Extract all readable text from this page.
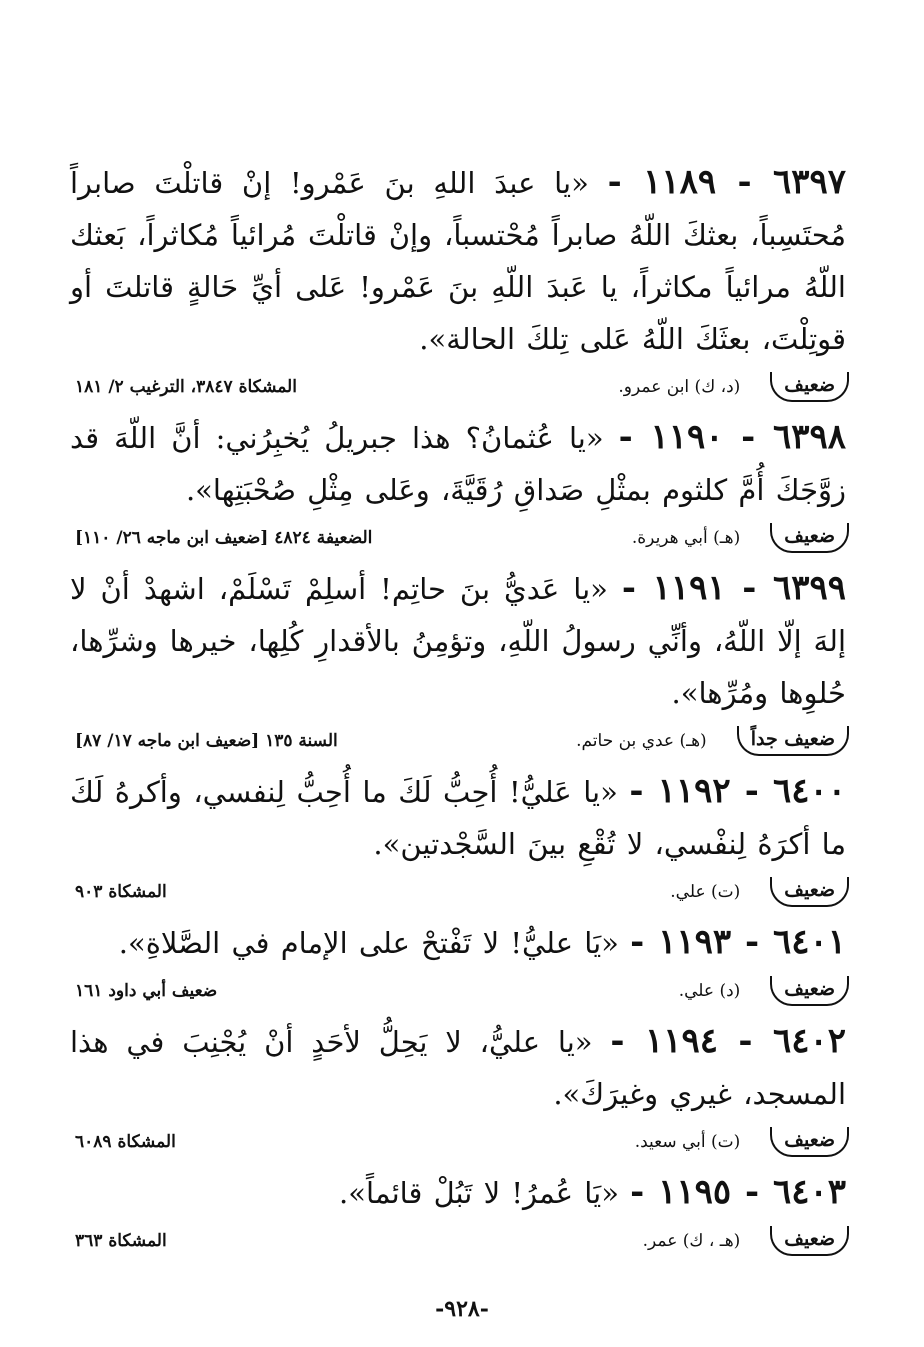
٦٣٩٧ - ١١٨٩ - «يا عبدَ اللهِ بنَ عَمْرو! إنْ قاتلْتَ صابراً مُحتَسِباً، بعثكَ اللّهُ صابراً مُحْتسباً، وإنْ قاتلْتَ مُرائياً مُكاثراً، بَعثك اللّهُ مرائياً مكاثراً، يا عَبدَ اللّهِ بنَ عَمْرو! عَلى أيِّ حَالةٍ قاتلتَ أو قوتِلْتَ، بعثَكَ اللّهُ عَلى تِلكَ الحالة».

ضعيف
(د، ك) ابن عمرو.
المشكاة ٣٨٤٧، الترغيب ٢/ ١٨١

٦٣٩٨ - ١١٩٠ - «يا عُثمانُ؟ هذا جبريلُ يُخبِرُني: أنَّ اللّهَ قد زوَّجَكَ أُمَّ كلثوم بمثْلِ صَداقِ رُقَيَّةَ، وعَلى مِثْلِ صُحْبَتِها».

ضعيف
(هـ) أبي هريرة.
الضعيفة ٤٨٢٤ [ضعيف ابن ماجه ٢٦/ ١١٠]

٦٣٩٩ - ١١٩١ - «يا عَديُّ بنَ حاتِم! أسلِمْ تَسْلَمْ، اشهدْ أنْ لا إلهَ إلّا اللّهُ، وأنِّي رسولُ اللّهِ، وتؤمِنُ بالأقدارِ كُلِها، خيرها وشرِّها، حُلوِها ومُرِّها».

ضعيف جداً
(هـ) عدي بن حاتم.
السنة ١٣٥ [ضعيف ابن ماجه ١٧/ ٨٧]

٦٤٠٠ - ١١٩٢ - «يا عَليُّ! أُحِبُّ لَكَ ما أُحِبُّ لِنفسي، وأكرهُ لَكَ ما أكرَهُ لِنفْسي، لا تُقْعِ بينَ السَّجْدتين».

ضعيف
(ت) علي.
المشكاة ٩٠٣

٦٤٠١ - ١١٩٣ - «يَا عليُّ! لا تَفْتحْ على الإمام في الصَّلاةِ».

ضعيف
(د) علي.
ضعيف أبي داود ١٦١

٦٤٠٢ - ١١٩٤ - «يا عليُّ، لا يَحِلُّ لأحَدٍ أنْ يُجْنِبَ في هذا المسجد، غيري وغيرَكَ».

ضعيف
(ت) أبي سعيد.
المشكاة ٦٠٨٩

٦٤٠٣ - ١١٩٥ - «يَا عُمرُ! لا تَبُلْ قائماً».

ضعيف
(هـ ، ك) عمر.
المشكاة ٣٦٣
-٩٢٨-
